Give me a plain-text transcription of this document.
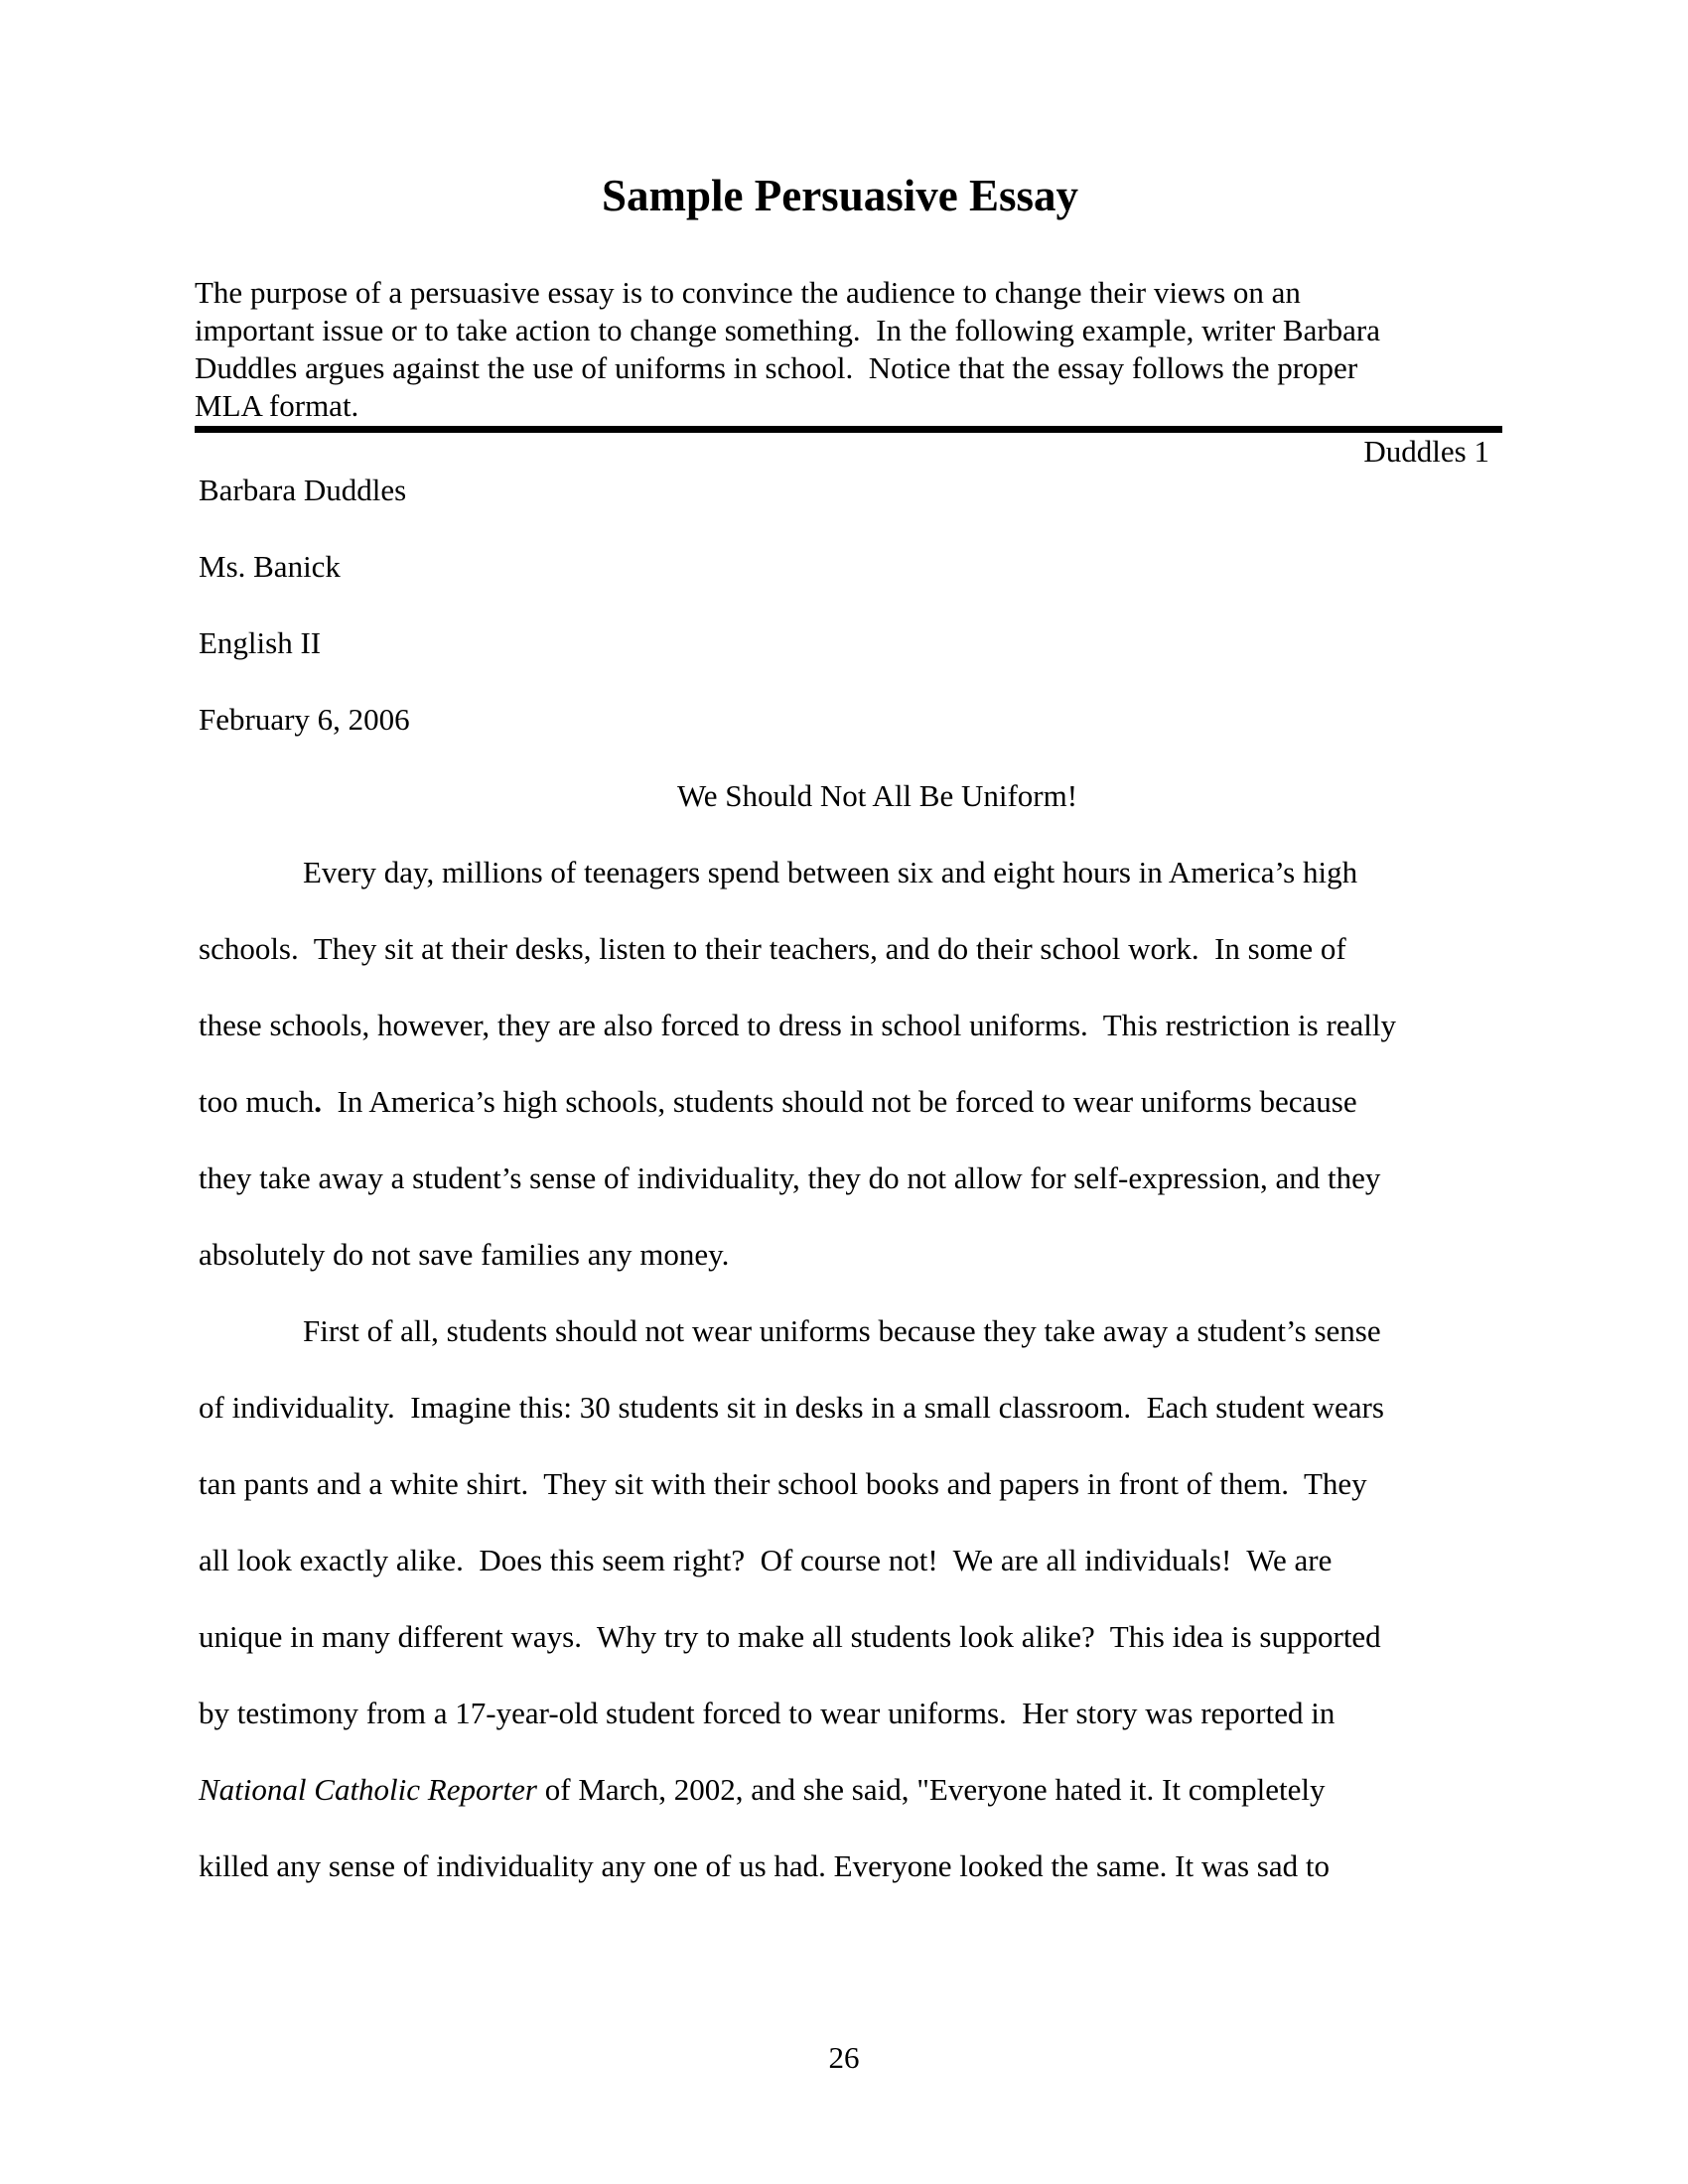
Sample Persuasive Essay
The purpose of a persuasive essay is to convince the audience to change their views on an
important issue or to take action to change something.  In the following example, writer Barbara
Duddles argues against the use of uniforms in school.  Notice that the essay follows the proper
MLA format.
Duddles 1
Barbara Duddles
Ms. Banick
English II
February 6, 2006
We Should Not All Be Uniform!
Every day, millions of teenagers spend between six and eight hours in America’s high
schools.  They sit at their desks, listen to their teachers, and do their school work.  In some of
these schools, however, they are also forced to dress in school uniforms.  This restriction is really
too much.  In America’s high schools, students should not be forced to wear uniforms because
they take away a student’s sense of individuality, they do not allow for self-expression, and they
absolutely do not save families any money.
First of all, students should not wear uniforms because they take away a student’s sense
of individuality.  Imagine this: 30 students sit in desks in a small classroom.  Each student wears
tan pants and a white shirt.  They sit with their school books and papers in front of them.  They
all look exactly alike.  Does this seem right?  Of course not!  We are all individuals!  We are
unique in many different ways.  Why try to make all students look alike?  This idea is supported
by testimony from a 17-year-old student forced to wear uniforms.  Her story was reported in
National Catholic Reporter of March, 2002, and she said, "Everyone hated it. It completely
killed any sense of individuality any one of us had. Everyone looked the same. It was sad to
26
